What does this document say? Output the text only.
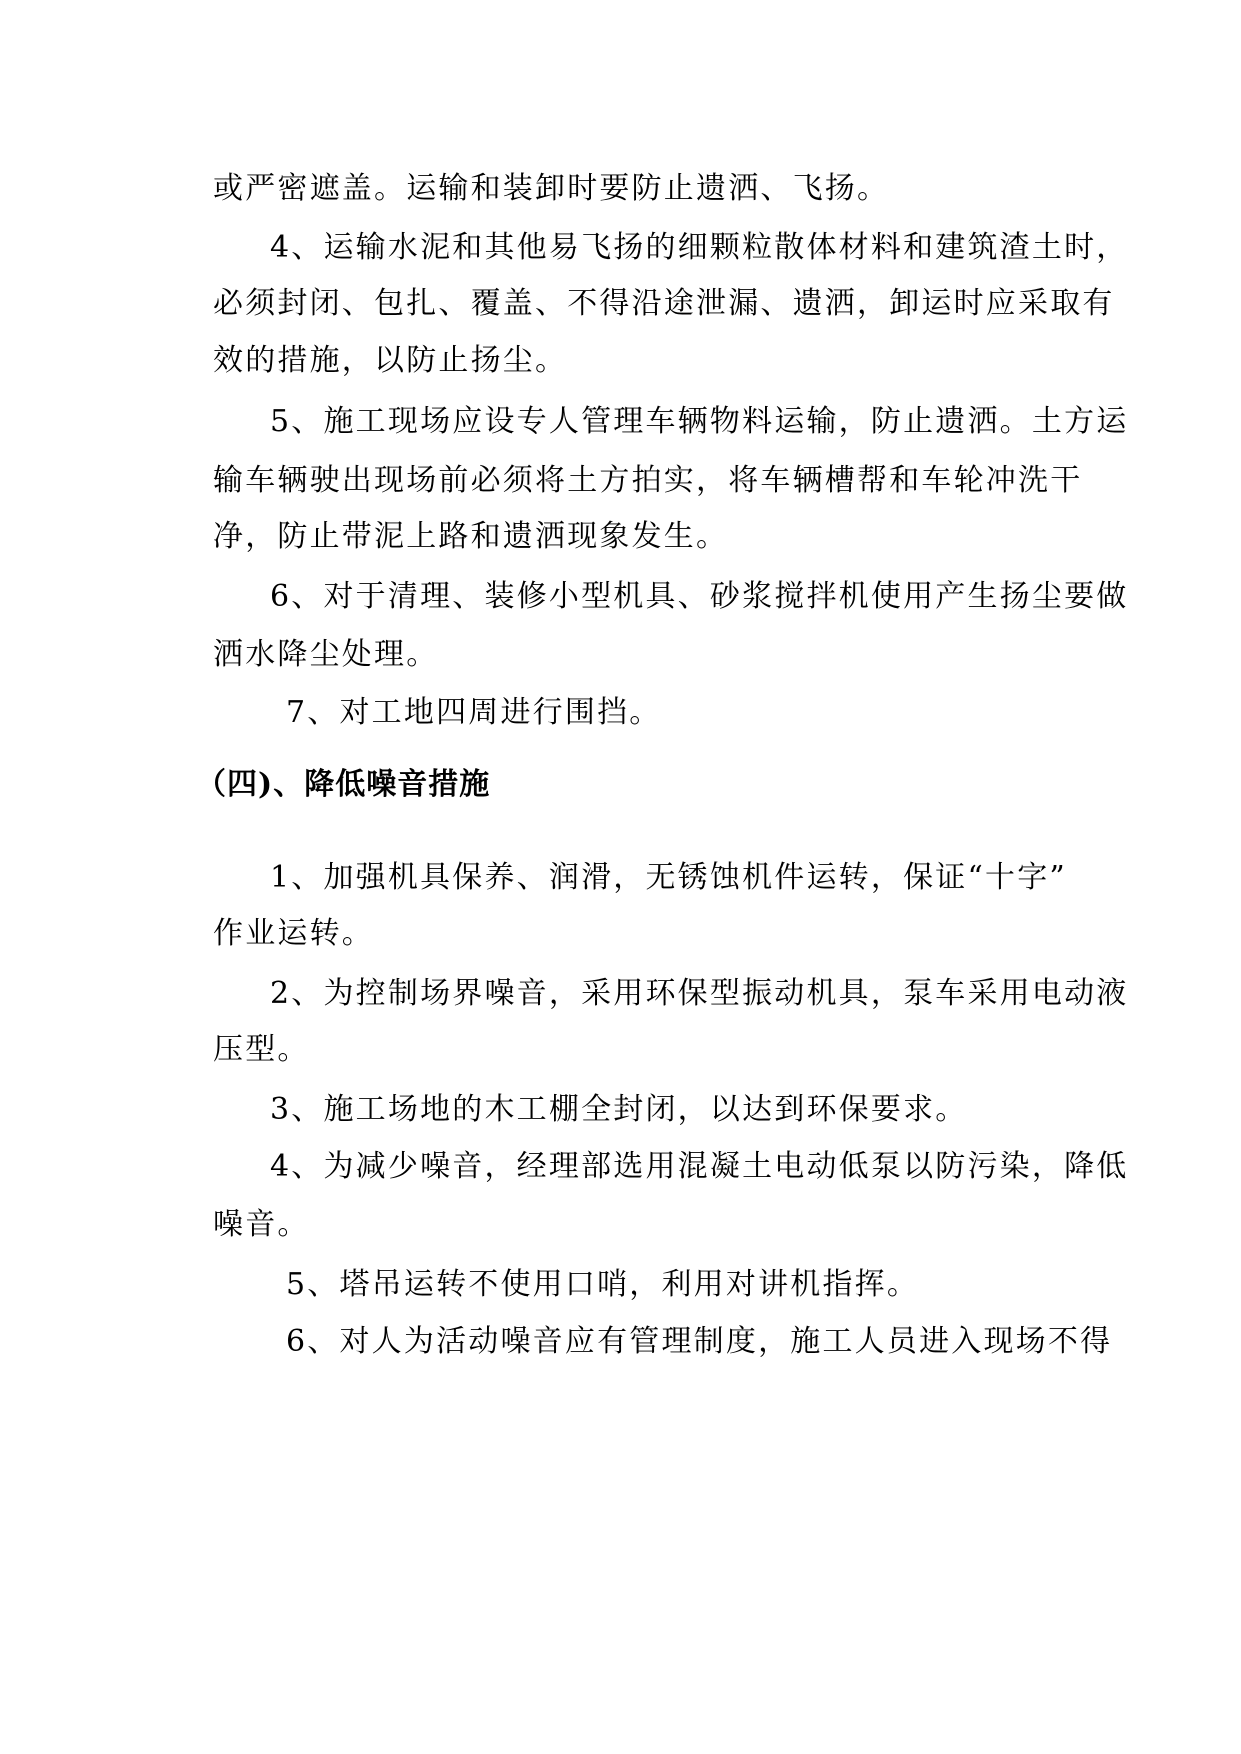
或严密遮盖。运输和装卸时要防止遗洒、飞扬。
4、运输水泥和其他易飞扬的细颗粒散体材料和建筑渣土时，
必须封闭、包扎、覆盖、不得沿途泄漏、遗洒，卸运时应采取有
效的措施，以防止扬尘。
5、施工现场应设专人管理车辆物料运输，防止遗洒。土方运
输车辆驶出现场前必须将土方拍实，将车辆槽帮和车轮冲洗干
净，防止带泥上路和遗洒现象发生。
6、对于清理、装修小型机具、砂浆搅拌机使用产生扬尘要做
洒水降尘处理。
7、对工地四周进行围挡。
（四)、降低噪音措施
1、加强机具保养、润滑，无锈蚀机件运转，保证“十字”
作业运转。
2、为控制场界噪音，采用环保型振动机具，泵车采用电动液
压型。
3、施工场地的木工棚全封闭，以达到环保要求。
4、为减少噪音，经理部选用混凝土电动低泵以防污染，降低
噪音。
5、塔吊运转不使用口哨，利用对讲机指挥。
6、对人为活动噪音应有管理制度，施工人员进入现场不得
